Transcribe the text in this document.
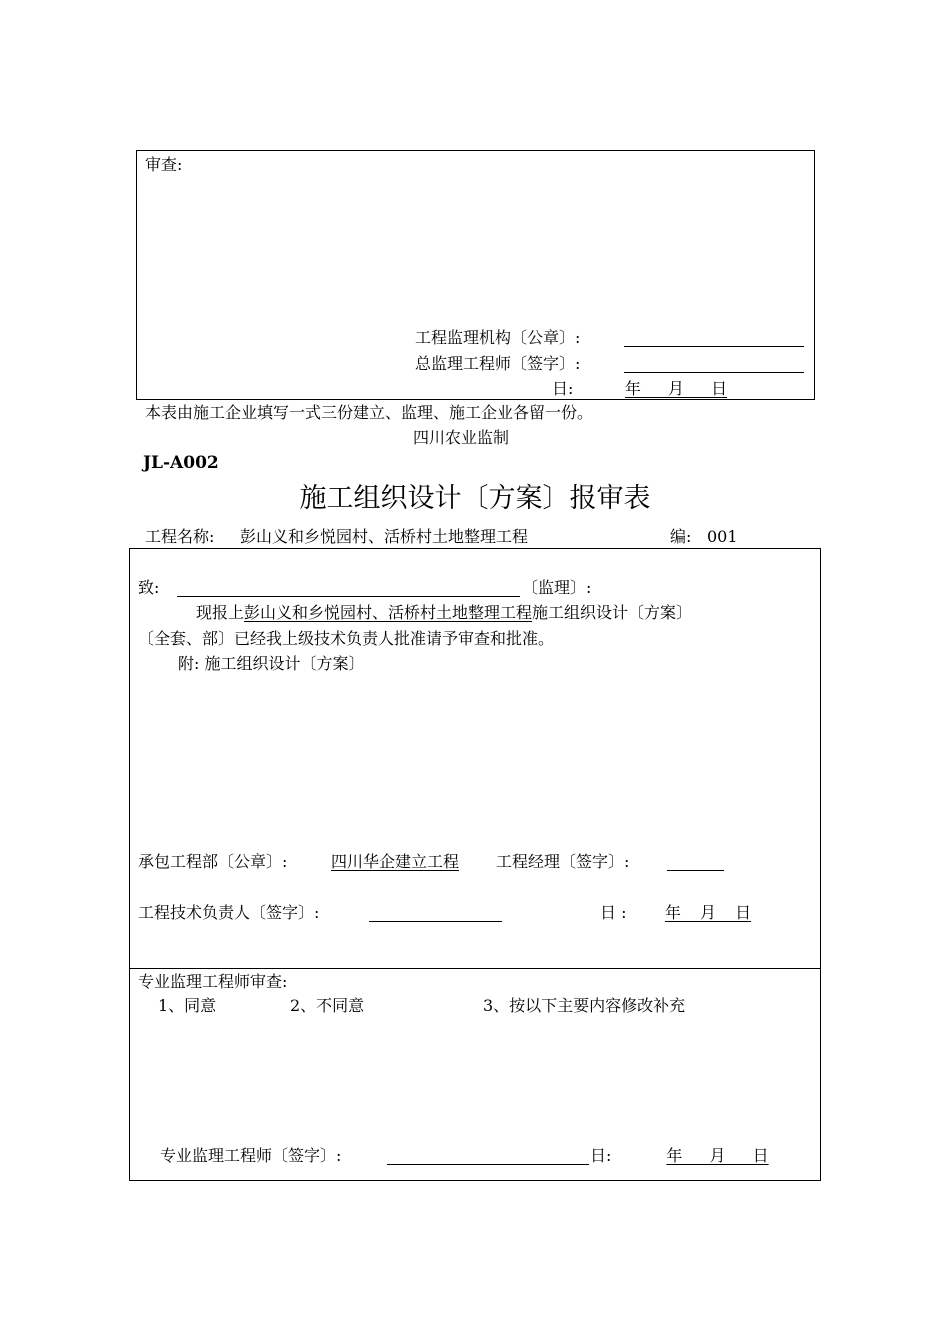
审查:
工程监理机构〔公章〕:
总监理工程师〔签字〕:
日:	年 月 日
本表由施工企业填写一式三份建立、监理、施工企业各留一份。
四川农业监制
JL-A002
施工组织设计〔方案〕报审表
工程名称: 彭山义和乡悦园村、活桥村土地整理工程	编: 001
致:	〔监理〕:
现报上彭山义和乡悦园村、活桥村土地整理工程施工组织设计〔方案〕
〔全套、部〕已经我上级技术负责人批准请予审查和批准。
附: 施工组织设计〔方案〕
承包工程部〔公章〕:	四川华企建立工程 工程经理〔签字〕:
工程技术负责人〔签字〕:	日 :	年 月 日
专业监理工程师审查:
1、同意	2、不同意	3、按以下主要内容修改补充
专业监理工程师〔签字〕:	日:	年 月 日
